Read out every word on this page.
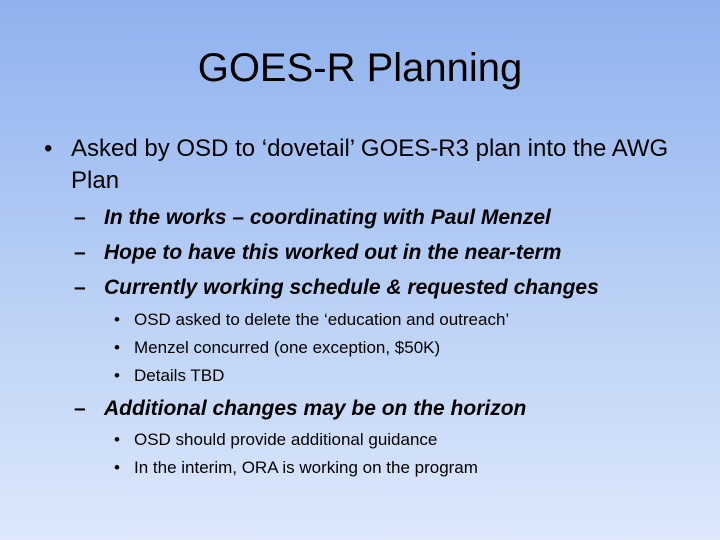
GOES-R Planning
• Asked by OSD to ‘dovetail’ GOES-R3 plan into the AWG Plan
– In the works – coordinating with Paul Menzel
– Hope to have this worked out in the near-term
– Currently working schedule & requested changes
• OSD asked to delete the ‘education and outreach’
• Menzel concurred (one exception, $50K)
• Details TBD
– Additional changes may be on the horizon
• OSD should provide additional guidance
• In the interim, ORA is working on the program
